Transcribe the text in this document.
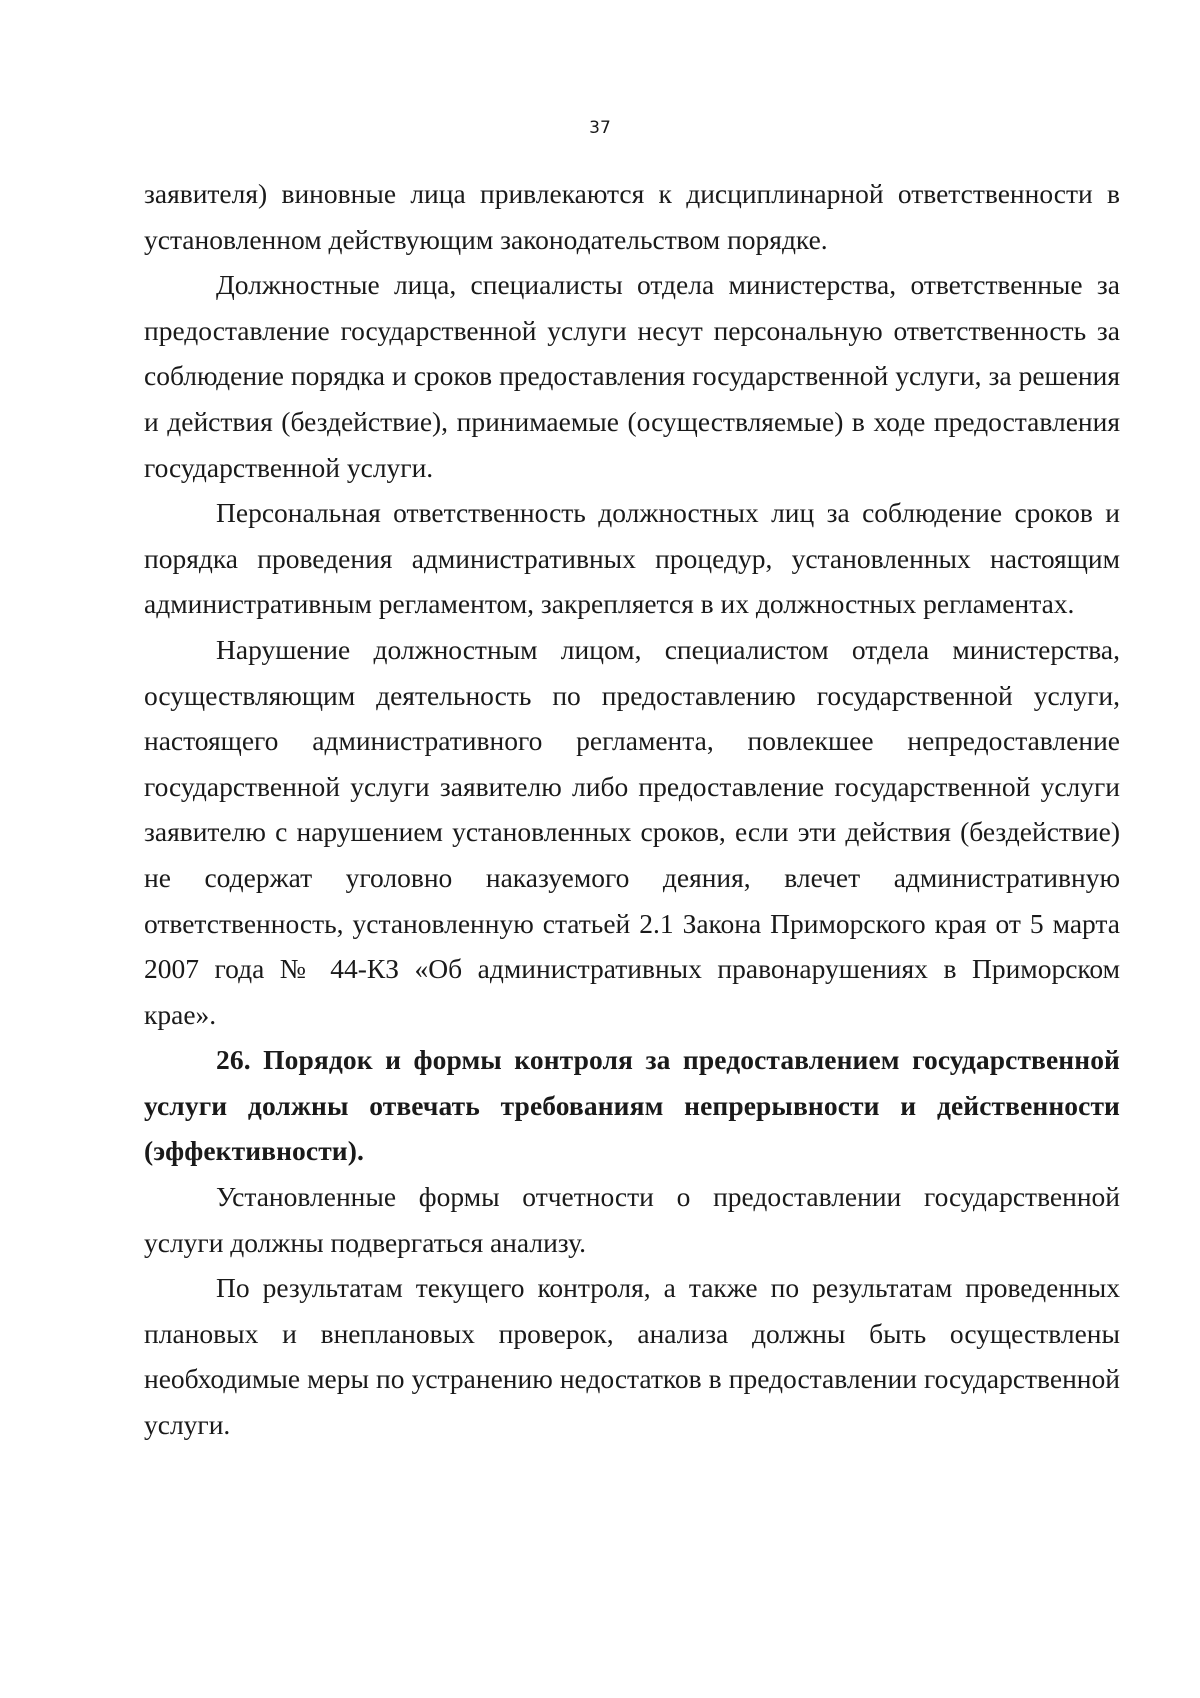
37

заявителя) виновные лица привлекаются к дисциплинарной ответственности в установленном действующим законодательством порядке.

Должностные лица, специалисты отдела министерства, ответственные за предоставление государственной услуги несут персональную ответственность за соблюдение порядка и сроков предоставления государственной услуги, за решения и действия (бездействие), принимаемые (осуществляемые) в ходе предоставления государственной услуги.

Персональная ответственность должностных лиц за соблюдение сроков и порядка проведения административных процедур, установленных настоящим административным регламентом, закрепляется в их должностных регламентах.

Нарушение должностным лицом, специалистом отдела министерства, осуществляющим деятельность по предоставлению государственной услуги, настоящего административного регламента, повлекшее непредоставление государственной услуги заявителю либо предоставление государственной услуги заявителю с нарушением установленных сроков, если эти действия (бездействие) не содержат уголовно наказуемого деяния, влечет административную ответственность, установленную статьей 2.1 Закона Приморского края от 5 марта 2007 года № 44-КЗ «Об административных правонарушениях в Приморском крае».

26. Порядок и формы контроля за предоставлением государственной услуги должны отвечать требованиям непрерывности и действенности (эффективности).

Установленные формы отчетности о предоставлении государственной услуги должны подвергаться анализу.

По результатам текущего контроля, а также по результатам проведенных плановых и внеплановых проверок, анализа должны быть осуществлены необходимые меры по устранению недостатков в предоставлении государственной услуги.
